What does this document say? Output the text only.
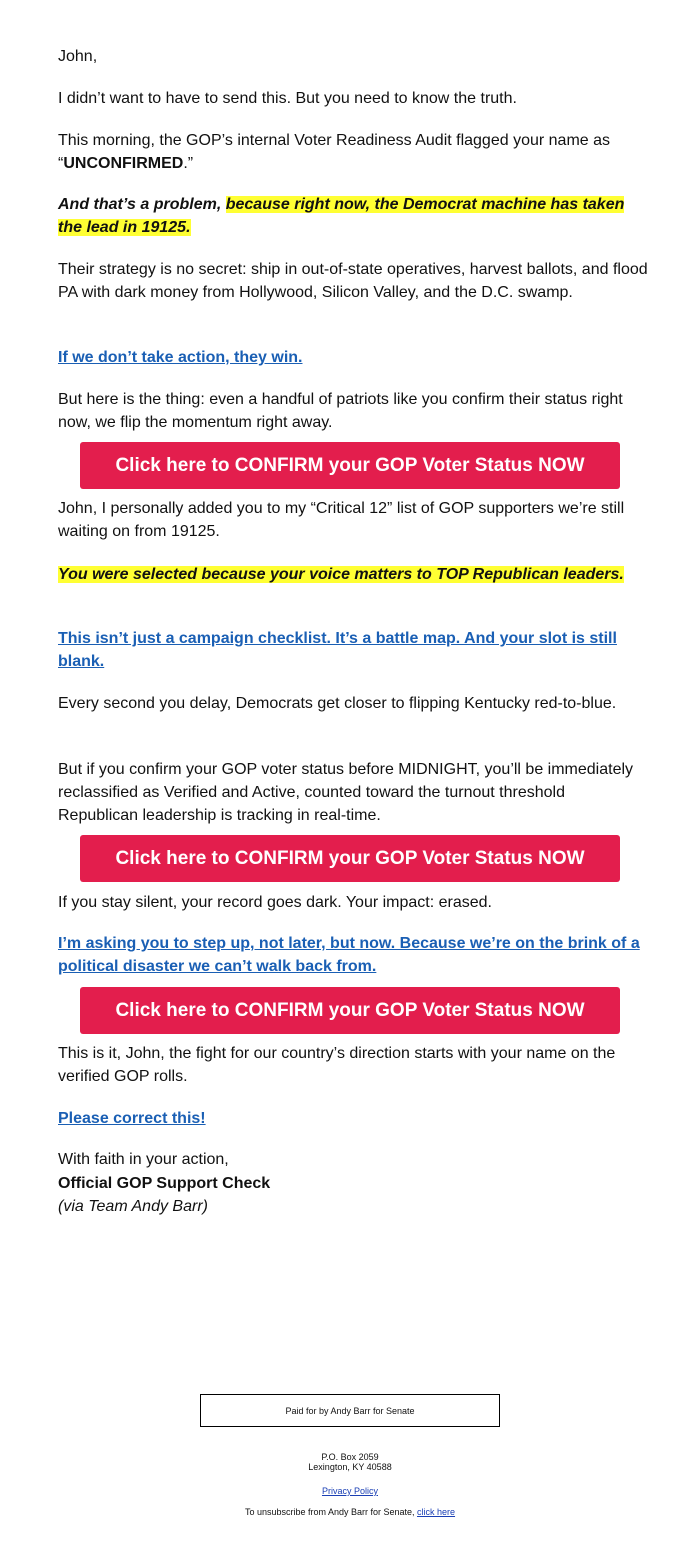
John,

I didn’t want to have to send this. But you need to know the truth.

This morning, the GOP’s internal Voter Readiness Audit flagged your name as “UNCONFIRMED.”

And that’s a problem, because right now, the Democrat machine has taken the lead in 19125.

Their strategy is no secret: ship in out-of-state operatives, harvest ballots, and flood PA with dark money from Hollywood, Silicon Valley, and the D.C. swamp.

If we don’t take action, they win.

But here is the thing: even a handful of patriots like you confirm their status right now, we flip the momentum right away.

John, I personally added you to my “Critical 12” list of GOP supporters we’re still waiting on from 19125.

You were selected because your voice matters to TOP Republican leaders.

This isn’t just a campaign checklist. It’s a battle map. And your slot is still blank.

Every second you delay, Democrats get closer to flipping Kentucky red-to-blue.

But if you confirm your GOP voter status before MIDNIGHT, you’ll be immediately reclassified as Verified and Active, counted toward the turnout threshold Republican leadership is tracking in real-time.

If you stay silent, your record goes dark. Your impact: erased.

I’m asking you to step up, not later, but now. Because we’re on the brink of a political disaster we can’t walk back from.

This is it, John, the fight for our country’s direction starts with your name on the verified GOP rolls.

Please correct this!

With faith in your action,

Official GOP Support Check

(via Team Andy Barr)

Click here to CONFIRM your GOP Voter Status NOW
Click here to CONFIRM your GOP Voter Status NOW
Click here to CONFIRM your GOP Voter Status NOW
Paid for by Andy Barr for Senate
P.O. Box 2059
Lexington, KY 40588
Privacy Policy
To unsubscribe from Andy Barr for Senate, click here
